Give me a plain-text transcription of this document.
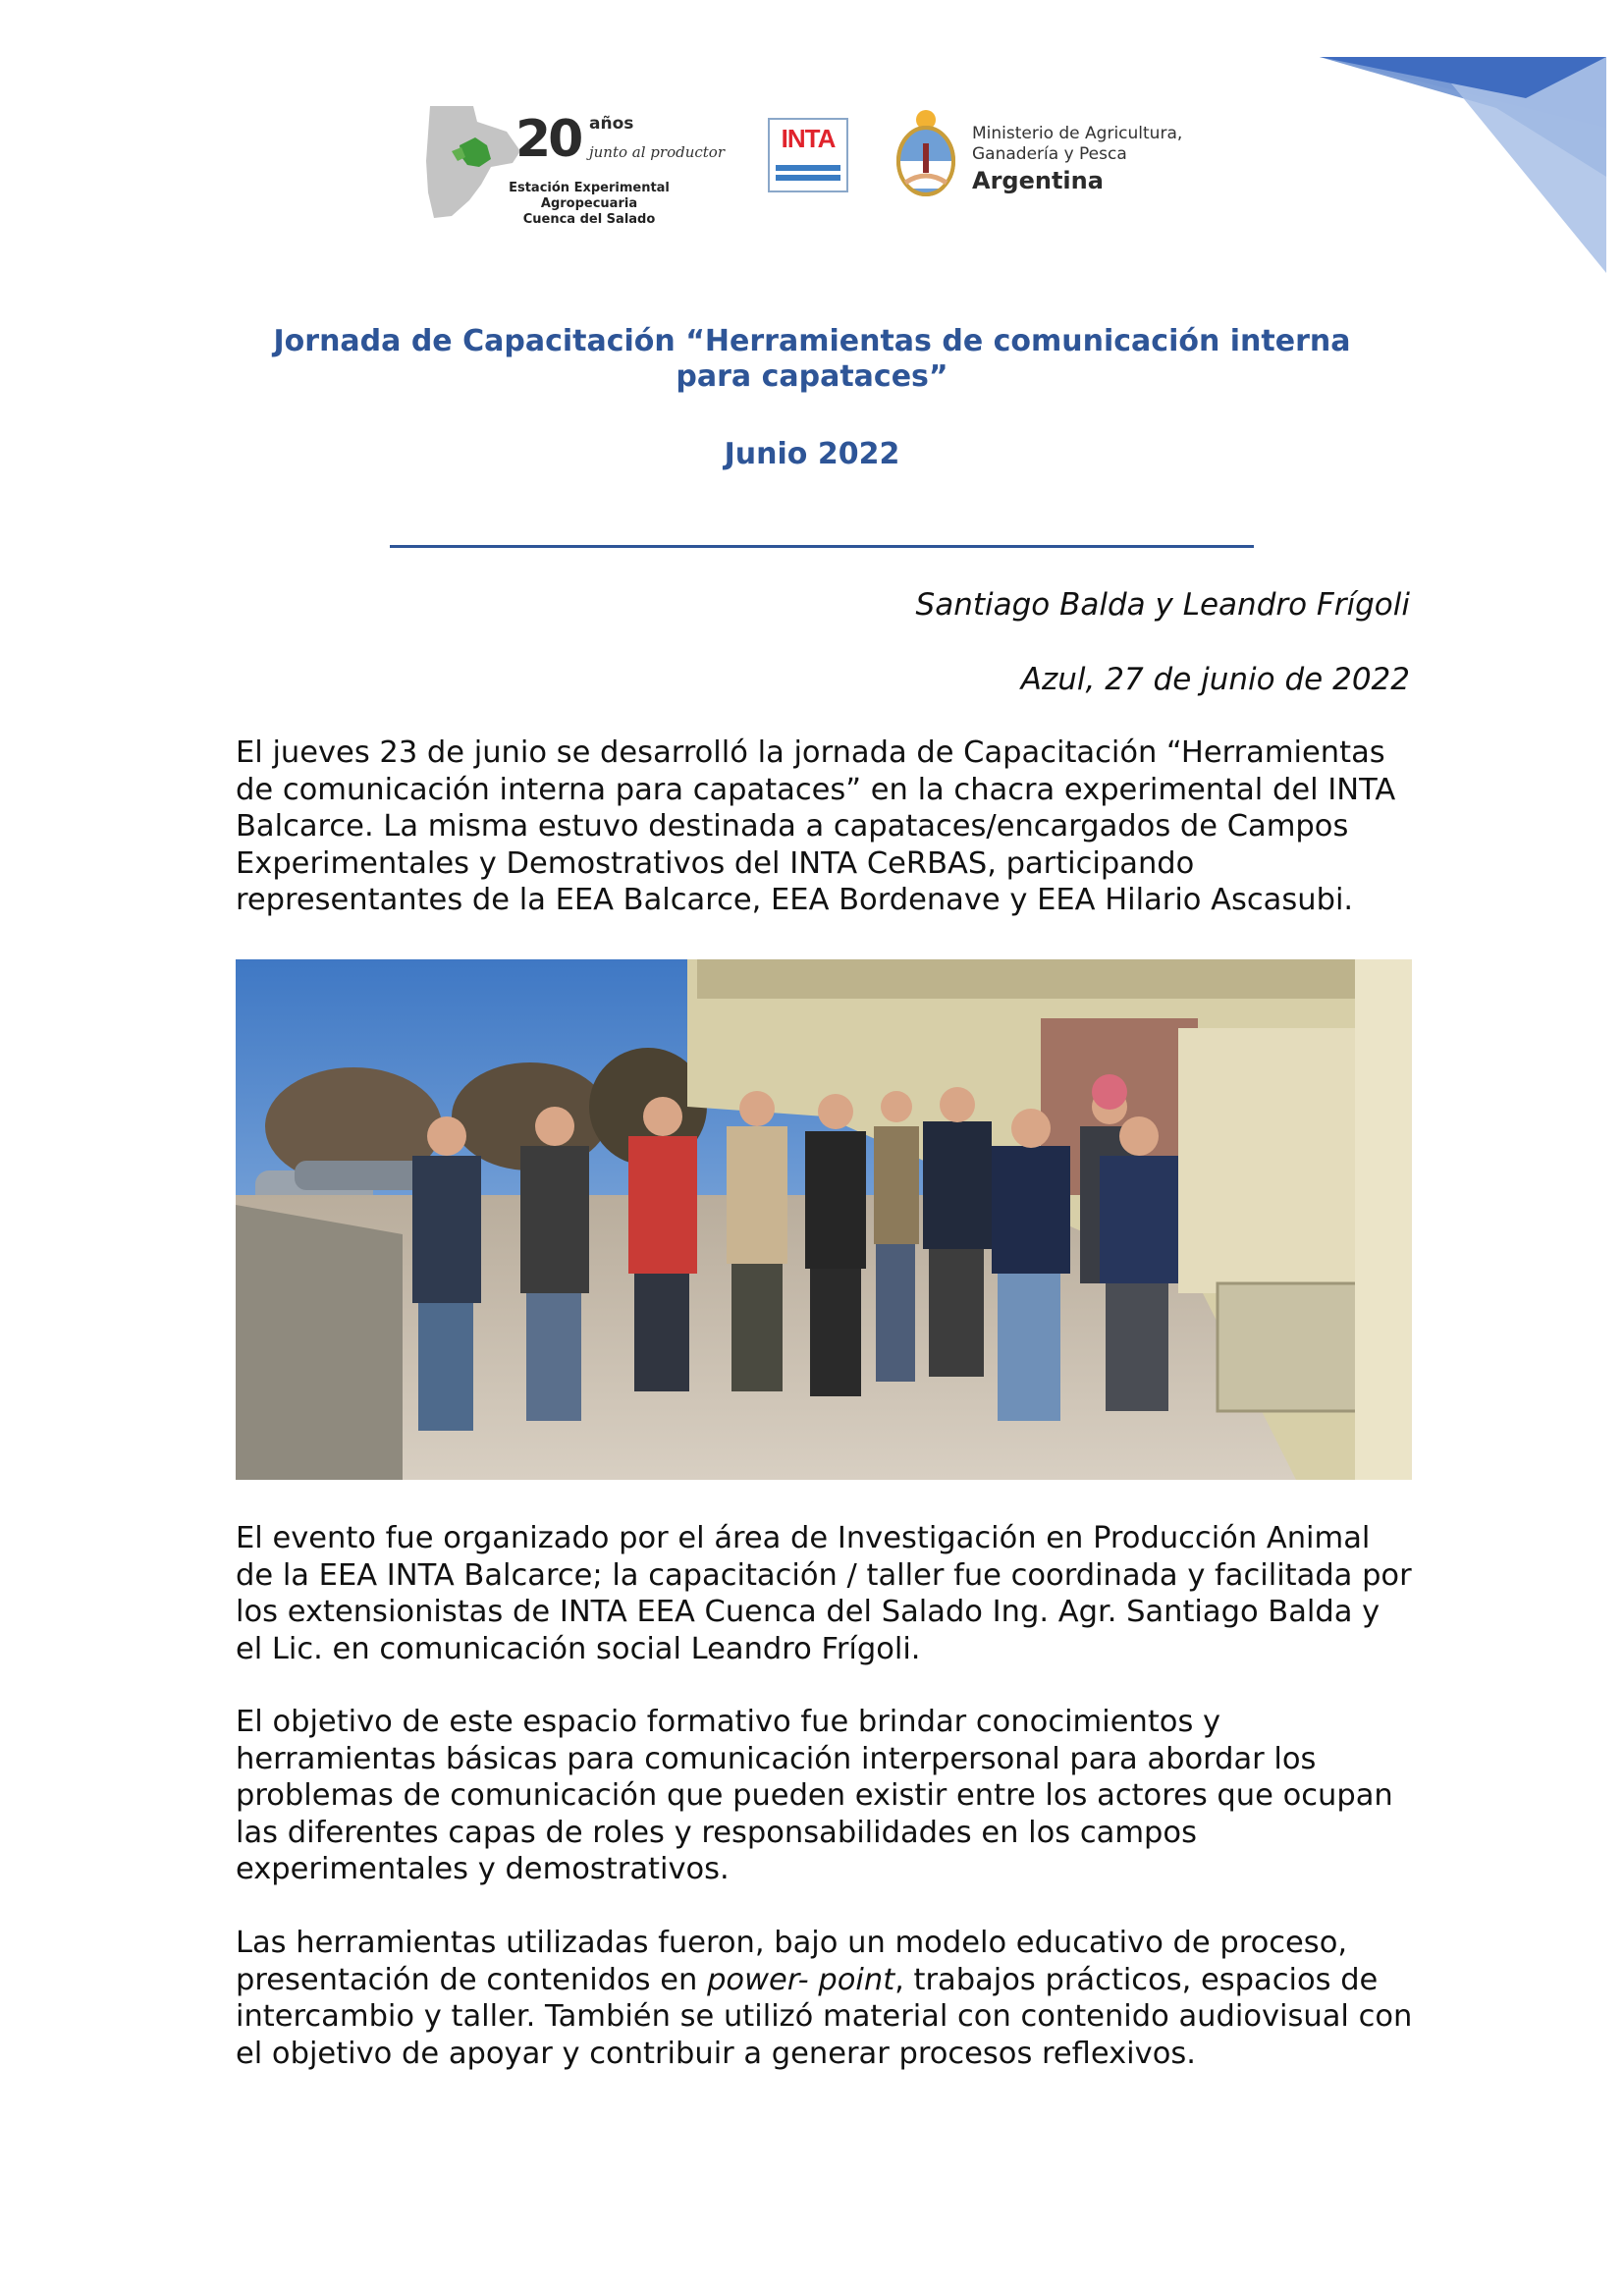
20 años
junto al productor
Estación Experimental Agropecuaria
Cuenca del Salado
INTA	Ministerio de Agricultura,
Ganadería y Pesca
Argentina
Jornada de Capacitación “Herramientas de comunicación interna para capataces”
Junio 2022
Santiago Balda y Leandro Frígoli
Azul, 27 de junio de 2022

El jueves 23 de junio se desarrolló la jornada de Capacitación “Herramientas de comunicación interna para capataces” en la chacra experimental del INTA Balcarce. La misma estuvo destinada a capataces/encargados de Campos Experimentales y Demostrativos del INTA CeRBAS, participando representantes de la EEA Balcarce, EEA Bordenave y EEA Hilario Ascasubi.

El evento fue organizado por el área de Investigación en Producción Animal de la EEA INTA Balcarce; la capacitación / taller fue coordinada y facilitada por los extensionistas de INTA EEA Cuenca del Salado Ing. Agr. Santiago Balda y el Lic. en comunicación social Leandro Frígoli.

El objetivo de este espacio formativo fue brindar conocimientos y herramientas básicas para comunicación interpersonal para abordar los problemas de comunicación que pueden existir entre los actores que ocupan las diferentes capas de roles y responsabilidades en los campos experimentales y demostrativos.

Las herramientas utilizadas fueron, bajo un modelo educativo de proceso, presentación de contenidos en power- point, trabajos prácticos, espacios de intercambio y taller. También se utilizó material con contenido audiovisual con el objetivo de apoyar y contribuir a generar procesos reflexivos.
